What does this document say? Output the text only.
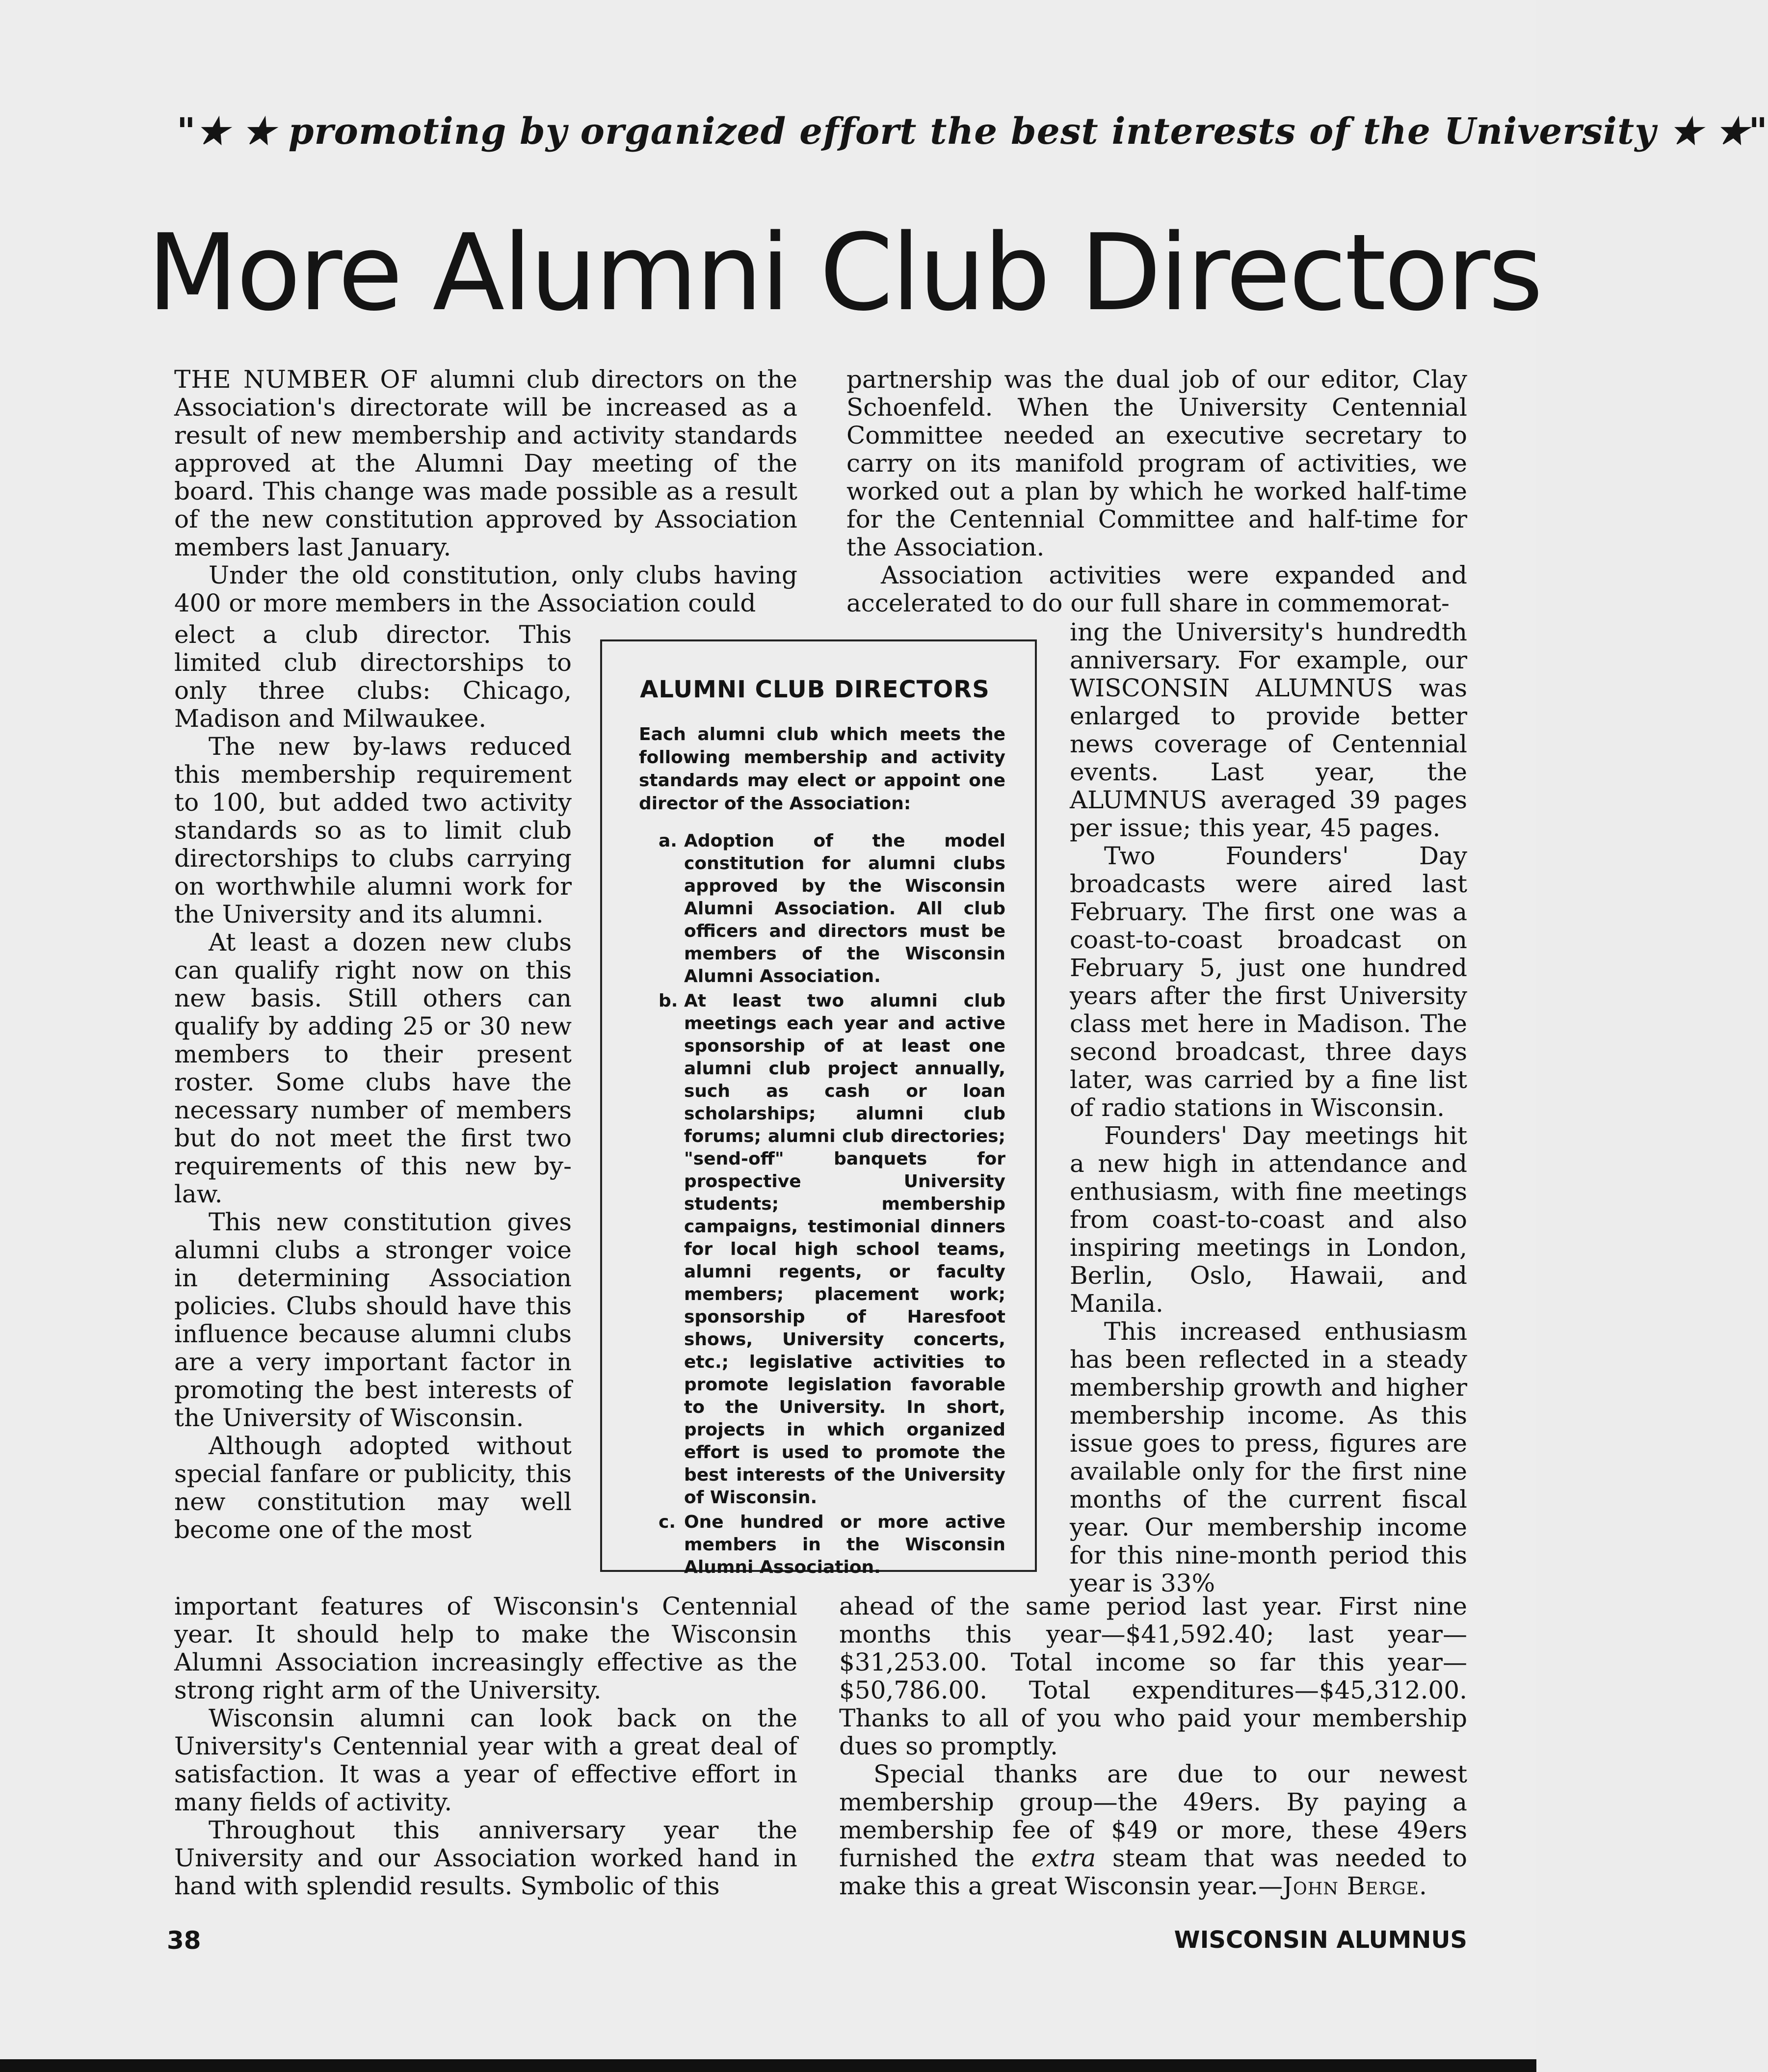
"★ ★ promoting by organized effort the best interests of the University ★ ★"
More Alumni Club Directors

THE NUMBER OF alumni club directors on the Association's directorate will be increased as a result of new membership and activity standards approved at the Alumni Day meeting of the board. This change was made possible as a result of the new constitution approved by Association members last January.

Under the old constitution, only clubs having 400 or more members in the Association could

elect a club director. This limited club directorships to only three clubs: Chicago, Madison and Milwaukee.

The new by-laws reduced this membership requirement to 100, but added two activity standards so as to limit club directorships to clubs carrying on worthwhile alumni work for the University and its alumni.

At least a dozen new clubs can qualify right now on this new basis. Still others can qualify by adding 25 or 30 new members to their present roster. Some clubs have the necessary number of members but do not meet the first two requirements of this new by-law.

This new constitution gives alumni clubs a stronger voice in determining Association policies. Clubs should have this influence because alumni clubs are a very important factor in promoting the best interests of the University of Wisconsin.

Although adopted without special fanfare or publicity, this new constitution may well become one of the most

important features of Wisconsin's Centennial year. It should help to make the Wisconsin Alumni Association increasingly effective as the strong right arm of the University.

Wisconsin alumni can look back on the University's Centennial year with a great deal of satisfaction. It was a year of effective effort in many fields of activity.

Throughout this anniversary year the University and our Association worked hand in hand with splendid results. Symbolic of this

partnership was the dual job of our editor, Clay Schoenfeld. When the University Centennial Committee needed an executive secretary to carry on its manifold program of activities, we worked out a plan by which he worked half-time for the Centennial Committee and half-time for the Association.

Association activities were expanded and accelerated to do our full share in commemorat-

ing the University's hundredth anniversary. For example, our WISCONSIN ALUMNUS was enlarged to provide better news coverage of Centennial events. Last year, the ALUMNUS averaged 39 pages per issue; this year, 45 pages.

Two Founders' Day broadcasts were aired last February. The first one was a coast-to-coast broadcast on February 5, just one hundred years after the first University class met here in Madison. The second broadcast, three days later, was carried by a fine list of radio stations in Wisconsin.

Founders' Day meetings hit a new high in attendance and enthusiasm, with fine meetings from coast-to-coast and also inspiring meetings in London, Berlin, Oslo, Hawaii, and Manila.

This increased enthusiasm has been reflected in a steady membership growth and higher membership income. As this issue goes to press, figures are available only for the first nine months of the current fiscal year. Our membership income for this nine-month period this year is 33%

ahead of the same period last year. First nine months this year—$41,592.40; last year—$31,253.00. Total income so far this year—$50,786.00. Total expenditures—$45,312.00. Thanks to all of you who paid your membership dues so promptly.

Special thanks are due to our newest membership group—the 49ers. By paying a membership fee of $49 or more, these 49ers furnished the extra steam that was needed to make this a great Wisconsin year.—John Berge.

ALUMNI CLUB DIRECTORS
Each alumni club which meets the following membership and activity standards may elect or appoint one director of the Association:
a. Adoption of the model constitution for alumni clubs approved by the Wisconsin Alumni Association. All club officers and directors must be members of the Wisconsin Alumni Association.
b. At least two alumni club meetings each year and active sponsorship of at least one alumni club project annually, such as cash or loan scholarships; alumni club forums; alumni club directories; "send-off" banquets for prospective University students; membership campaigns, testimonial dinners for local high school teams, alumni regents, or faculty members; placement work; sponsorship of Haresfoot shows, University concerts, etc.; legislative activities to promote legislation favorable to the University. In short, projects in which organized effort is used to promote the best interests of the University of Wisconsin.
c. One hundred or more active members in the Wisconsin Alumni Association.
38	WISCONSIN ALUMNUS
